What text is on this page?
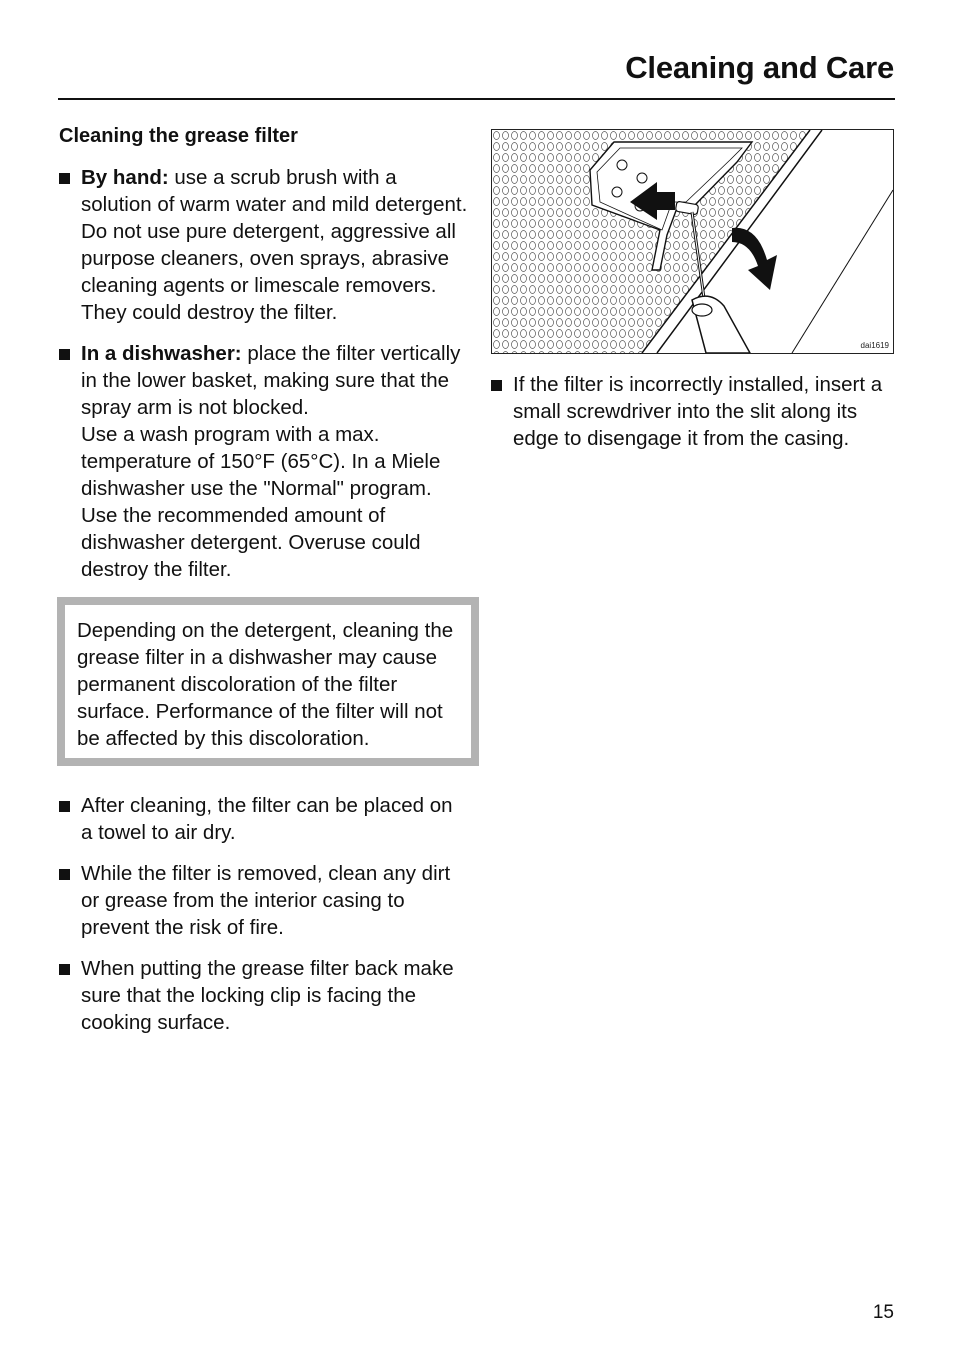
Cleaning and Care
Cleaning the grease filter

By hand: use a scrub brush with a solution of warm water and mild detergent.

Do not use pure detergent, aggressive all purpose cleaners, oven sprays, abrasive cleaning agents or limescale removers. They could destroy the filter.

In a dishwasher: place the filter vertically in the lower basket, making sure that the spray arm is not blocked.

Use a wash program with a max. temperature of 150°F (65°C). In a Miele dishwasher use the "Normal" program.

Use the recommended amount of dishwasher detergent. Overuse could destroy the filter.

Depending on the detergent, cleaning the grease filter in a dishwasher may cause permanent discoloration of the filter surface. Performance of the filter will not be affected by this discoloration.

After cleaning, the filter can be placed on a towel to air dry.

While the filter is removed, clean any dirt or grease from the interior casing to prevent the risk of fire.

When putting the grease filter back make sure that the locking clip is facing the cooking surface.

dai1619

If the filter is incorrectly installed, insert a small screwdriver into the slit along its edge to disengage it from the casing.

15
